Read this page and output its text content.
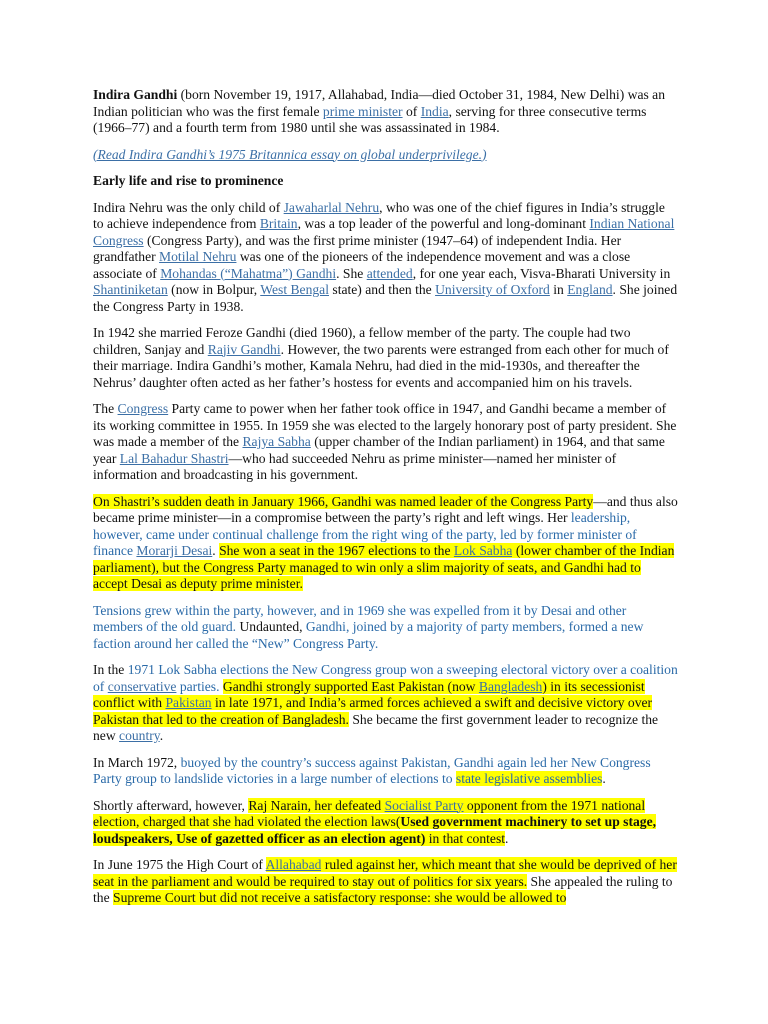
Indira Gandhi (born November 19, 1917, Allahabad, India—died October 31, 1984, New Delhi) was an Indian politician who was the first female prime minister of India, serving for three consecutive terms (1966–77) and a fourth term from 1980 until she was assassinated in 1984.

(Read Indira Gandhi’s 1975 Britannica essay on global underprivilege.)

Early life and rise to prominence

Indira Nehru was the only child of Jawaharlal Nehru, who was one of the chief figures in India’s struggle to achieve independence from Britain, was a top leader of the powerful and long-dominant Indian National Congress (Congress Party), and was the first prime minister (1947–64) of independent India. Her grandfather Motilal Nehru was one of the pioneers of the independence movement and was a close associate of Mohandas (“Mahatma”) Gandhi. She attended, for one year each, Visva-Bharati University in Shantiniketan (now in Bolpur, West Bengal state) and then the University of Oxford in England. She joined the Congress Party in 1938.

In 1942 she married Feroze Gandhi (died 1960), a fellow member of the party. The couple had two children, Sanjay and Rajiv Gandhi. However, the two parents were estranged from each other for much of their marriage. Indira Gandhi’s mother, Kamala Nehru, had died in the mid-1930s, and thereafter the Nehrus’ daughter often acted as her father’s hostess for events and accompanied him on his travels.

The Congress Party came to power when her father took office in 1947, and Gandhi became a member of its working committee in 1955. In 1959 she was elected to the largely honorary post of party president. She was made a member of the Rajya Sabha (upper chamber of the Indian parliament) in 1964, and that same year Lal Bahadur Shastri—who had succeeded Nehru as prime minister—named her minister of information and broadcasting in his government.

On Shastri’s sudden death in January 1966, Gandhi was named leader of the Congress Party—and thus also became prime minister—in a compromise between the party’s right and left wings. Her leadership, however, came under continual challenge from the right wing of the party, led by former minister of finance Morarji Desai. She won a seat in the 1967 elections to the Lok Sabha (lower chamber of the Indian parliament), but the Congress Party managed to win only a slim majority of seats, and Gandhi had to accept Desai as deputy prime minister.

Tensions grew within the party, however, and in 1969 she was expelled from it by Desai and other members of the old guard. Undaunted, Gandhi, joined by a majority of party members, formed a new faction around her called the “New” Congress Party.

In the 1971 Lok Sabha elections the New Congress group won a sweeping electoral victory over a coalition of conservative parties. Gandhi strongly supported East Pakistan (now Bangladesh) in its secessionist conflict with Pakistan in late 1971, and India’s armed forces achieved a swift and decisive victory over Pakistan that led to the creation of Bangladesh. She became the first government leader to recognize the new country.

In March 1972, buoyed by the country’s success against Pakistan, Gandhi again led her New Congress Party group to landslide victories in a large number of elections to state legislative assemblies.

Shortly afterward, however, Raj Narain, her defeated Socialist Party opponent from the 1971 national election, charged that she had violated the election laws(Used government machinery to set up stage, loudspeakers, Use of gazetted officer as an election agent) in that contest.

In June 1975 the High Court of Allahabad ruled against her, which meant that she would be deprived of her seat in the parliament and would be required to stay out of politics for six years. She appealed the ruling to the Supreme Court but did not receive a satisfactory response: she would be allowed to
